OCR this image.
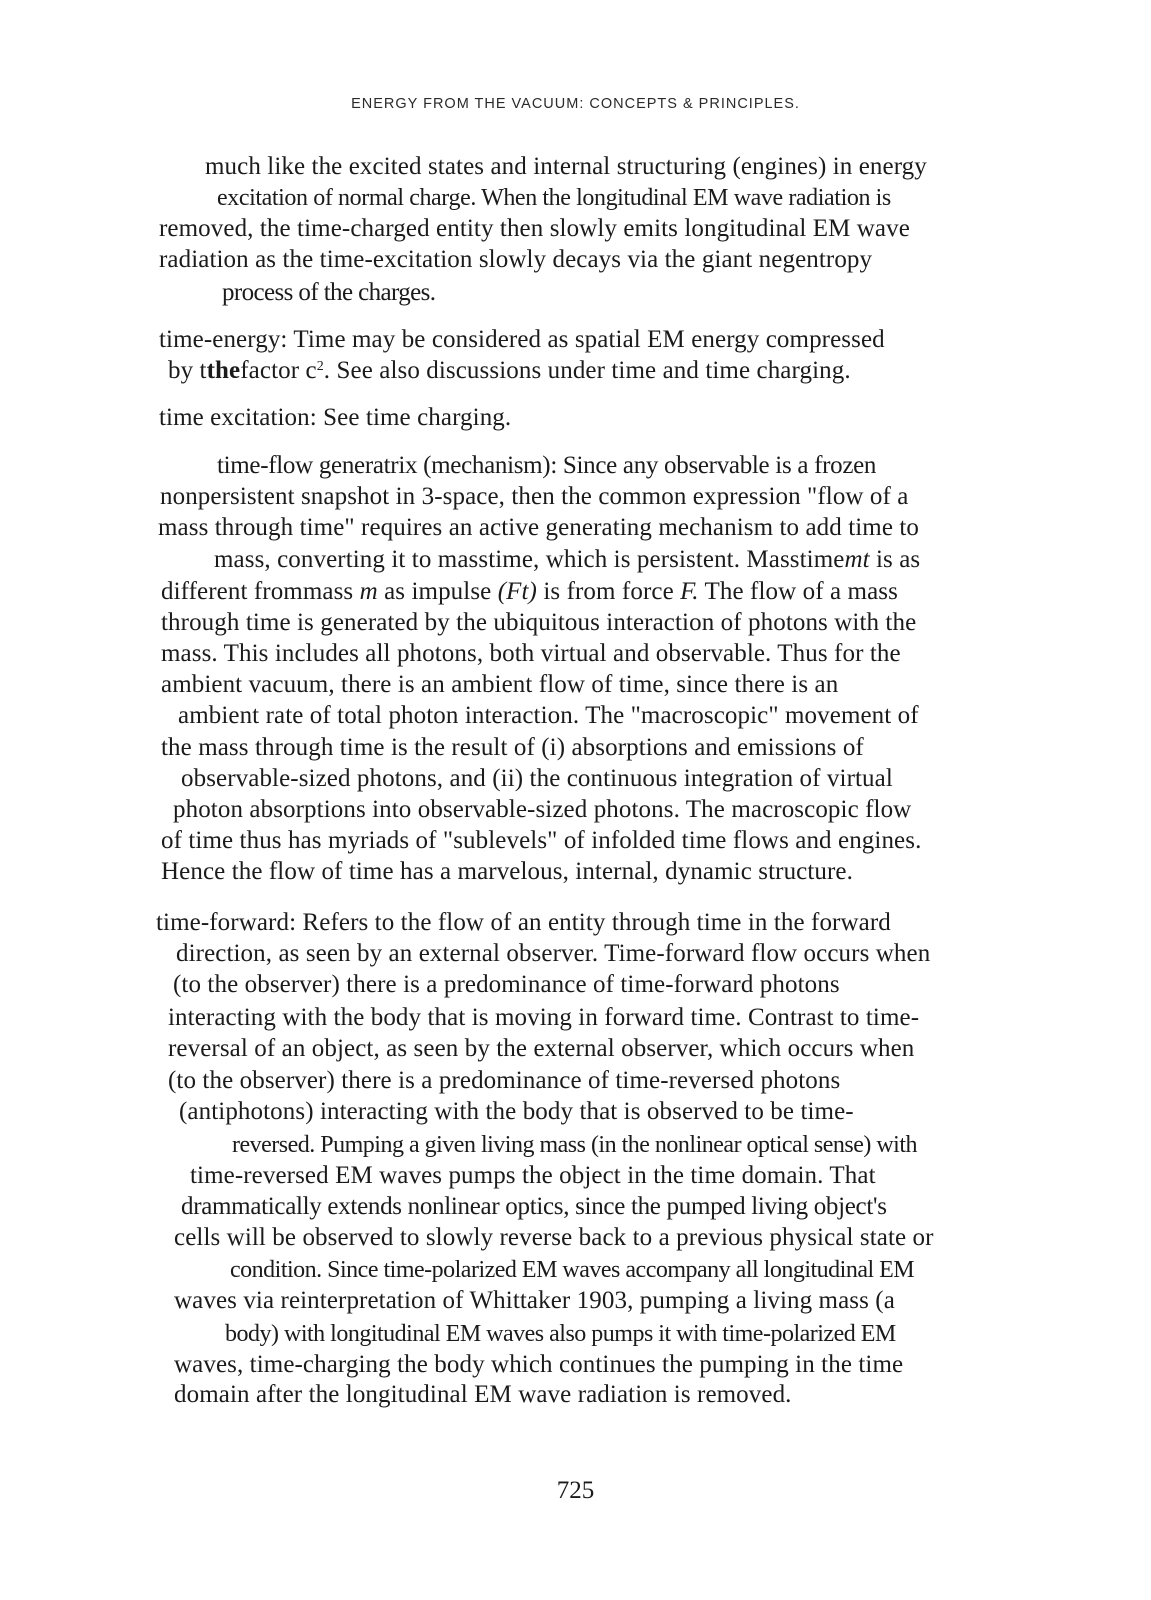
ENERGY FROM THE VACUUM: CONCEPTS & PRINCIPLES.
much like the excited states and internal structuring (engines) in energy
excitation of normal charge. When the longitudinal EM wave radiation is
removed, the time-charged entity then slowly emits longitudinal EM wave
radiation as the time-excitation slowly decays via the giant negentropy
process of the charges.
time-energy: Time may be considered as spatial EM energy compressed
by tthefactor $c^2$. See also discussions under time and time charging.
time excitation: See time charging.
time-flow generatrix (mechanism): Since any observable is a frozen
nonpersistent snapshot in 3-space, then the common expression "flow of a
mass through time" requires an active generating mechanism to add time to
mass, converting it to masstime, which is persistent. Masstimemt is as
different frommass m as impulse (Ft) is from force F. The flow of a mass
through time is generated by the ubiquitous interaction of photons with the
mass. This includes all photons, both virtual and observable. Thus for the
ambient vacuum, there is an ambient flow of time, since there is an
ambient rate of total photon interaction. The "macroscopic" movement of
the mass through time is the result of (i) absorptions and emissions of
observable-sized photons, and (ii) the continuous integration of virtual
photon absorptions into observable-sized photons. The macroscopic flow
of time thus has myriads of "sublevels" of infolded time flows and engines.
Hence the flow of time has a marvelous, internal, dynamic structure.
time-forward: Refers to the flow of an entity through time in the forward
direction, as seen by an external observer. Time-forward flow occurs when
(to the observer) there is a predominance of time-forward photons
interacting with the body that is moving in forward time. Contrast to time-
reversal of an object, as seen by the external observer, which occurs when
(to the observer) there is a predominance of time-reversed photons
(antiphotons) interacting with the body that is observed to be time-
reversed. Pumping a given living mass (in the nonlinear optical sense) with
time-reversed EM waves pumps the object in the time domain. That
drammatically extends nonlinear optics, since the pumped living object's
cells will be observed to slowly reverse back to a previous physical state or
condition. Since time-polarized EM waves accompany all longitudinal EM
waves via reinterpretation of Whittaker 1903, pumping a living mass (a
body) with longitudinal EM waves also pumps it with time-polarized EM
waves, time-charging the body which continues the pumping in the time
domain after the longitudinal EM wave radiation is removed.
725
